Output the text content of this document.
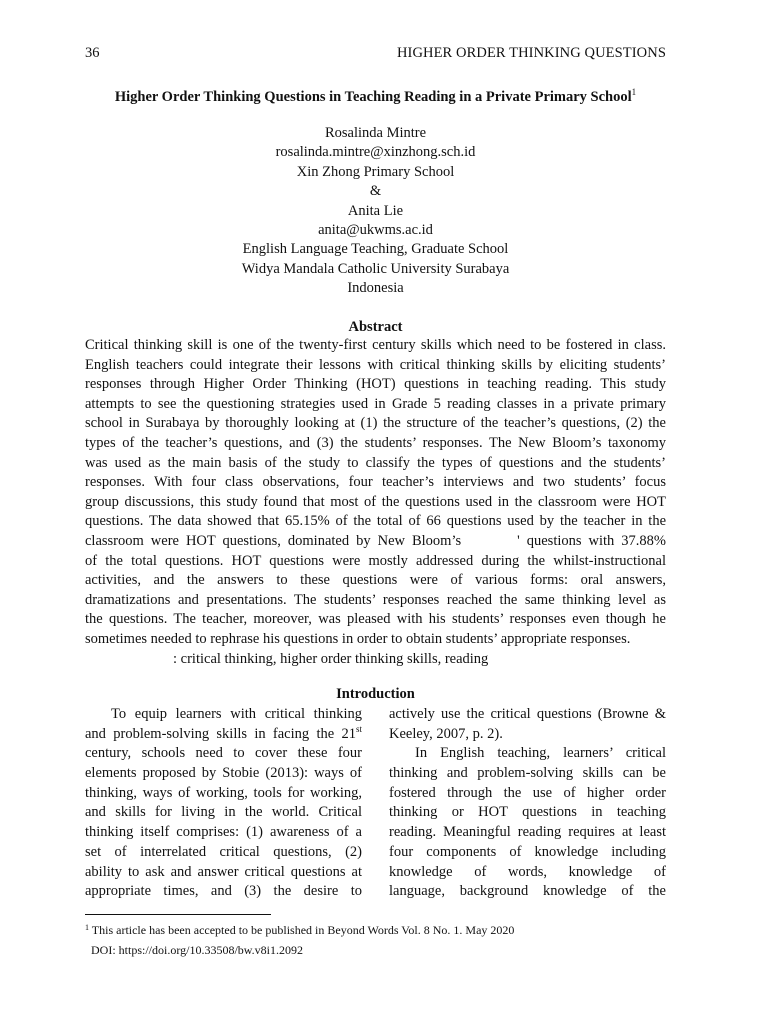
36	HIGHER ORDER THINKING QUESTIONS
Higher Order Thinking Questions in Teaching Reading in a Private Primary School$^1$
Rosalinda Mintre
rosalinda.mintre@xinzhong.sch.id
Xin Zhong Primary School
&
Anita Lie
anita@ukwms.ac.id
English Language Teaching, Graduate School
Widya Mandala Catholic University Surabaya
Indonesia
Abstract
Critical thinking skill is one of the twenty-first century skills which need to be fostered in class.
English teachers could integrate their lessons with critical thinking skills by eliciting students’
responses through Higher Order Thinking (HOT) questions in teaching reading. This study
attempts to see the questioning strategies used in Grade 5 reading classes in a private primary
school in Surabaya by thoroughly looking at (1) the structure of the teacher’s questions, (2) the
types of the teacher’s questions, and (3) the students’ responses. The New Bloom’s taxonomy
was used as the main basis of the study to classify the types of questions and the students’
responses. With four class observations, four teacher’s interviews and two students’ focus
group discussions, this study found that most of the questions used in the classroom were HOT
questions. The data showed that 65.15% of the total of 66 questions used by the teacher in the
classroom were HOT questions, dominated by New Bloom’s	' questions with 37.88%
of the total questions. HOT questions were mostly addressed during the whilst-instructional
activities, and the answers to these questions were of various forms: oral answers,
dramatizations and presentations. The students’ responses reached the same thinking level as
the questions. The teacher, moreover, was pleased with his students’ responses even though he
sometimes needed to rephrase his questions in order to obtain students’ appropriate responses.
: critical thinking, higher order thinking skills, reading
Introduction
To equip learners with critical thinking
and problem-solving skills in facing the 21st
century, schools need to cover these four
elements proposed by Stobie (2013): ways of
thinking, ways of working, tools for working,
and skills for living in the world. Critical
thinking itself comprises: (1) awareness of a
set of interrelated critical questions, (2)
ability to ask and answer critical questions at
appropriate times, and (3) the desire to
actively use the critical questions (Browne &
Keeley, 2007, p. 2).
In English teaching, learners’ critical
thinking and problem-solving skills can be
fostered through the use of higher order
thinking or HOT questions in teaching
reading. Meaningful reading requires at least
four components of knowledge including
knowledge of words, knowledge of
language, background knowledge of the
$^1$ This article has been accepted to be published in Beyond Words Vol. 8 No. 1. May 2020
DOI: https://doi.org/10.33508/bw.v8i1.2092
